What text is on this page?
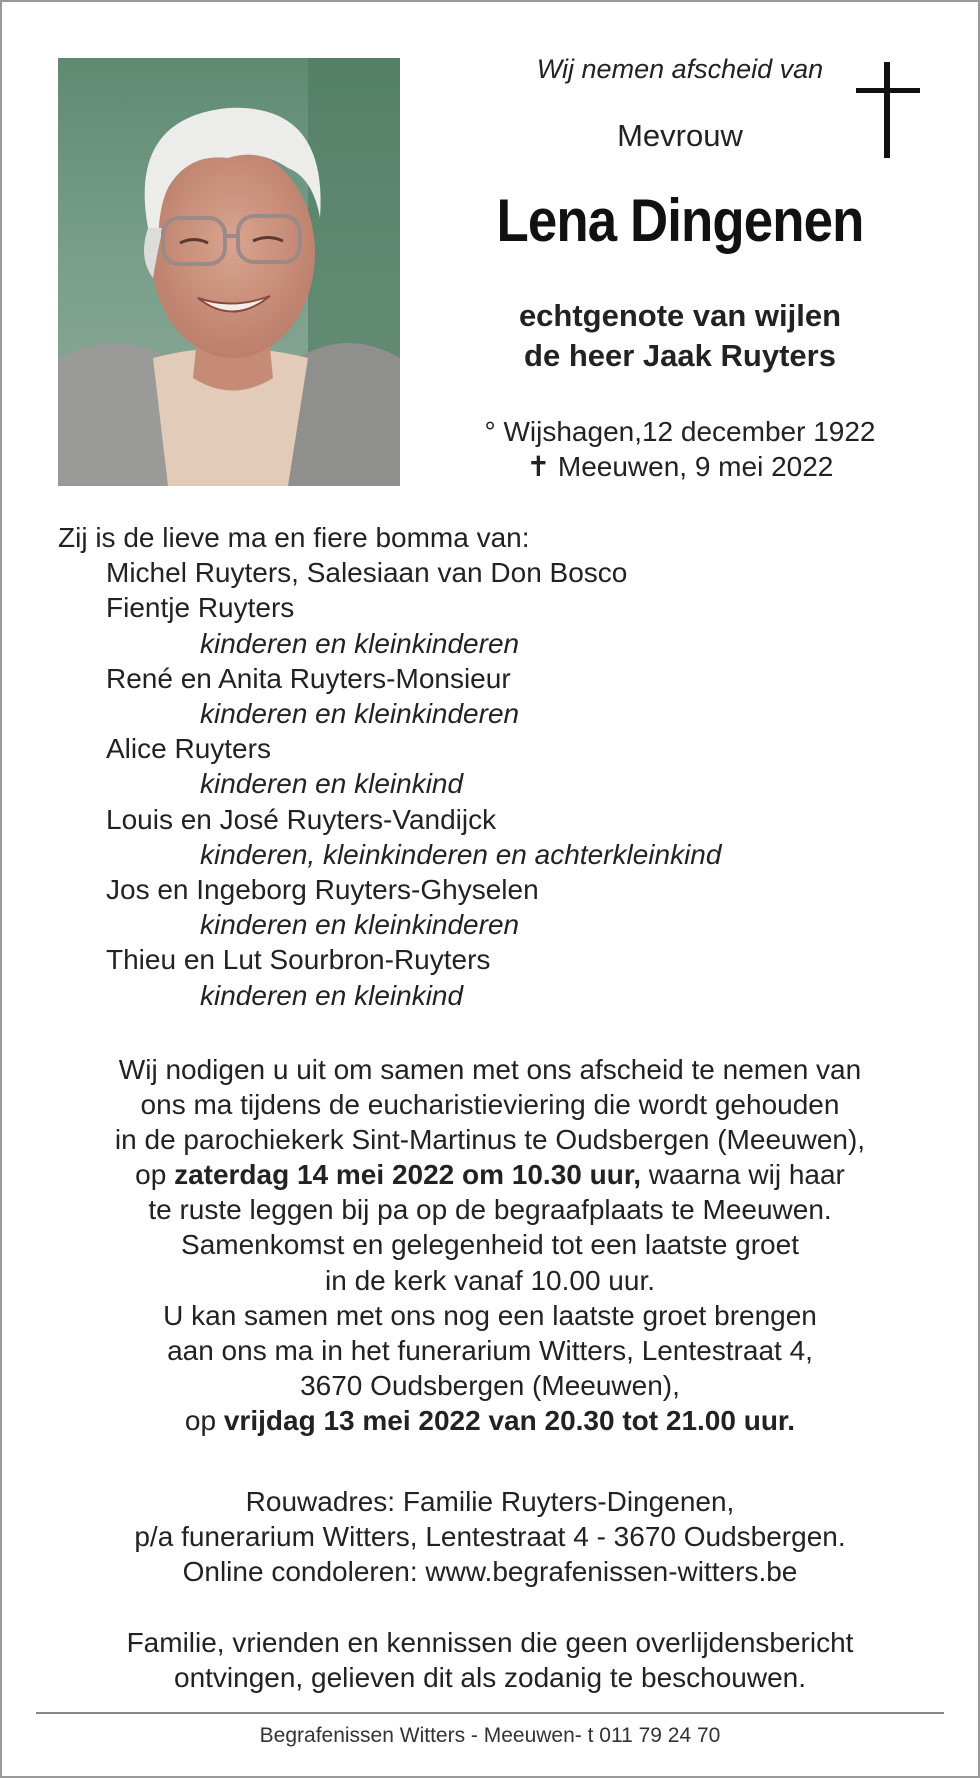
Wij nemen afscheid van
Mevrouw
Lena Dingenen
echtgenote van wijlen
de heer Jaak Ruyters
° Wijshagen,12 december 1922
✝ Meeuwen, 9 mei 2022
Zij is de lieve ma en fiere bomma van:
Michel Ruyters, Salesiaan van Don Bosco
Fientje Ruyters
kinderen en kleinkinderen
René en Anita Ruyters-Monsieur
kinderen en kleinkinderen
Alice Ruyters
kinderen en kleinkind
Louis en José Ruyters-Vandijck
kinderen, kleinkinderen en achterkleinkind
Jos en Ingeborg Ruyters-Ghyselen
kinderen en kleinkinderen
Thieu en Lut Sourbron-Ruyters
kinderen en kleinkind
Wij nodigen u uit om samen met ons afscheid te nemen van
ons ma tijdens de eucharistieviering die wordt gehouden
in de parochiekerk Sint-Martinus te Oudsbergen (Meeuwen),
op zaterdag 14 mei 2022 om 10.30 uur, waarna wij haar
te ruste leggen bij pa op de begraafplaats te Meeuwen.
Samenkomst en gelegenheid tot een laatste groet
in de kerk vanaf 10.00 uur.
U kan samen met ons nog een laatste groet brengen
aan ons ma in het funerarium Witters, Lentestraat 4,
3670 Oudsbergen (Meeuwen),
op vrijdag 13 mei 2022 van 20.30 tot 21.00 uur.
Rouwadres: Familie Ruyters-Dingenen,
p/a funerarium Witters, Lentestraat 4 - 3670 Oudsbergen.
Online condoleren: www.begrafenissen-witters.be
Familie, vrienden en kennissen die geen overlijdensbericht
ontvingen, gelieven dit als zodanig te beschouwen.
Begrafenissen Witters - Meeuwen- t 011 79 24 70
